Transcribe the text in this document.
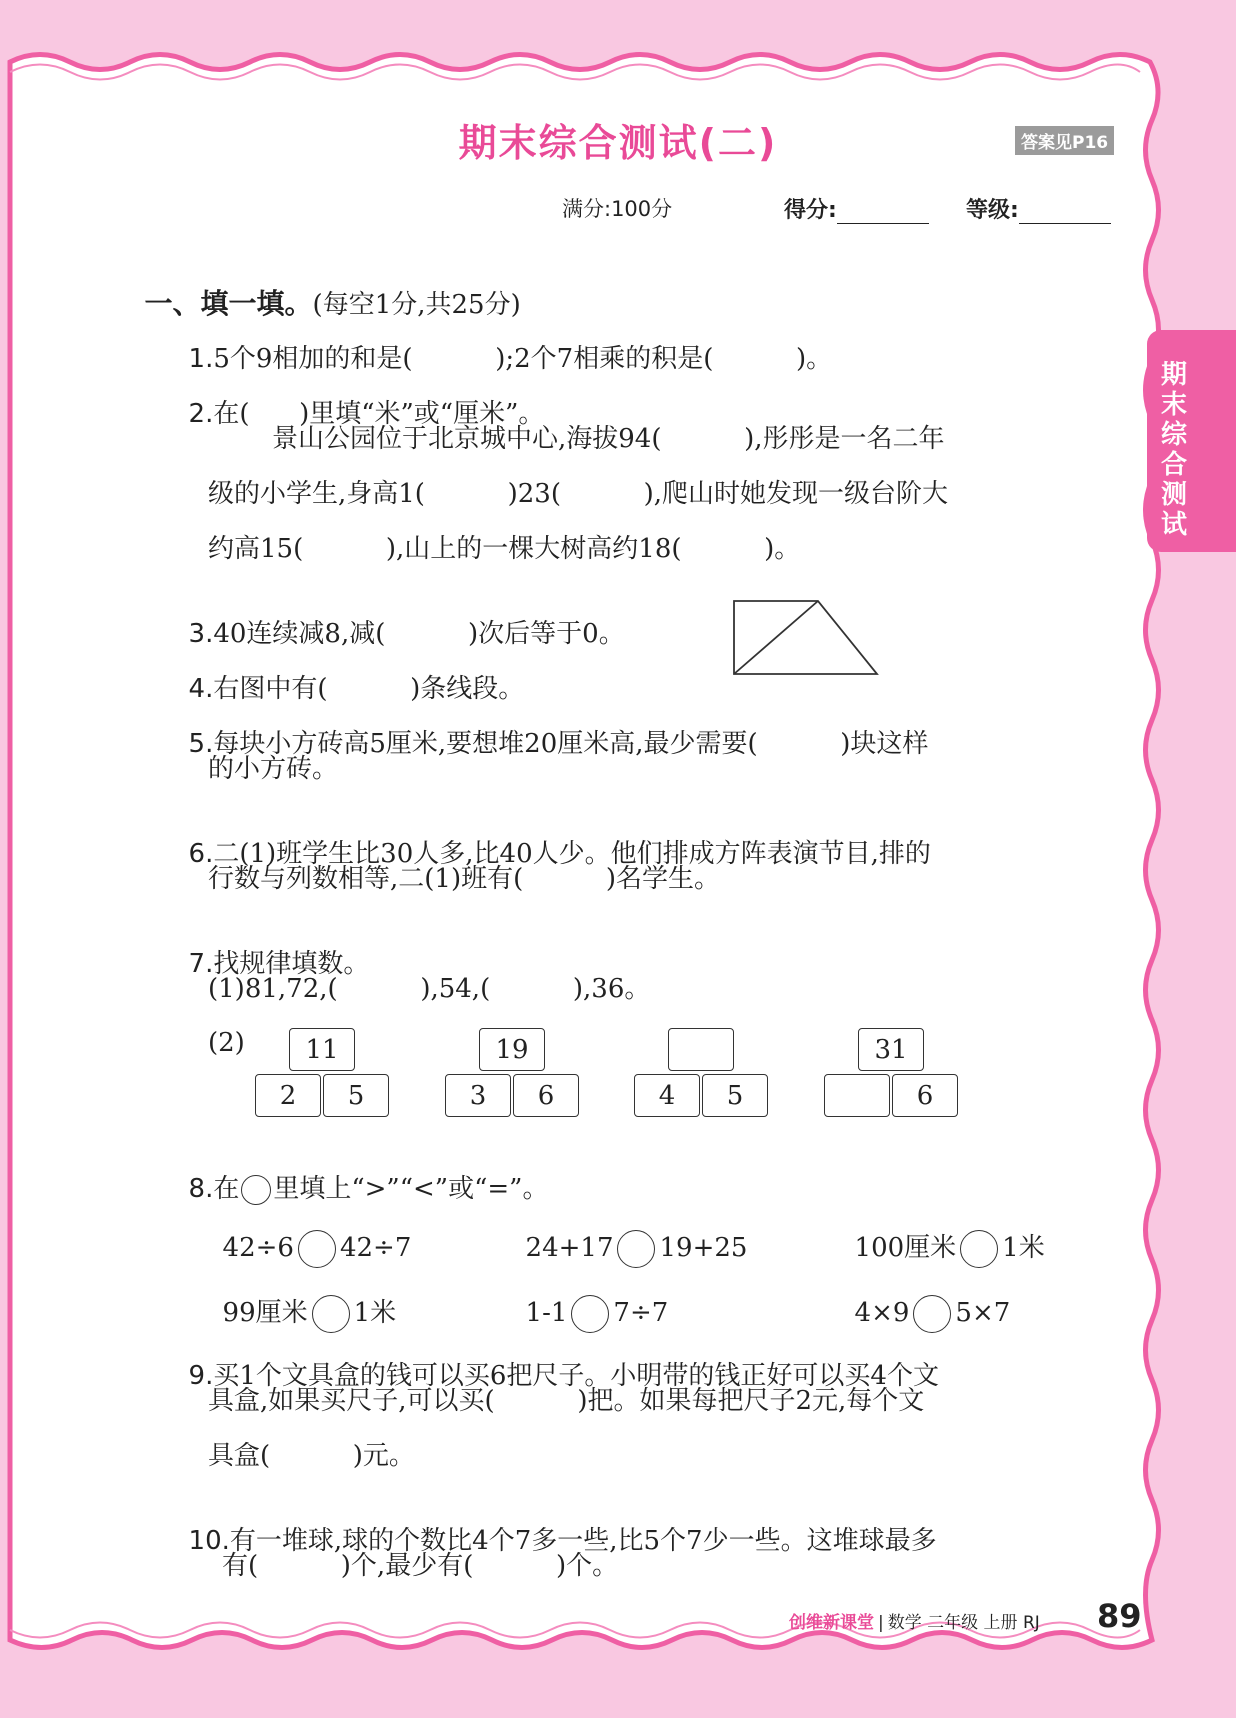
期末综合测试(二)	答案见P16
满分:100分	得分:	等级:
期末综合测试

一、填一填。(每空1分,共25分)

1.5个9相加的和是(          );2个7相乘的积是(          )。

2.在(      )里填“米”或“厘米”。

景山公园位于北京城中心,海拔94(          ),彤彤是一名二年
级的小学生,身高1(          )23(          ),爬山时她发现一级台阶大
约高15(          ),山上的一棵大树高约18(          )。

3.40连续减8,减(          )次后等于0。

4.右图中有(          )条线段。

5.每块小方砖高5厘米,要想堆20厘米高,最少需要(          )块这样

的小方砖。

6.二(1)班学生比30人多,比40人少。他们排成方阵表演节目,排的

行数与列数相等,二(1)班有(          )名学生。

7.找规律填数。

(1)81,72,(          ),54,(          ),36。
(2)	11
2	5
19
3	6	4	5
31
6

8.在 里填上“>”“<”或“=”。

42÷6 42÷7	24+17 19+25	100厘米 1米

99厘米 1米	1-1 7÷7	4×9 5×7

9.买1个文具盒的钱可以买6把尺子。小明带的钱正好可以买4个文

具盒,如果买尺子,可以买(          )把。如果每把尺子2元,每个文
具盒(          )元。

10.有一堆球,球的个数比4个7多一些,比5个7少一些。这堆球最多

有(          )个,最少有(          )个。
创维新课堂 | 数学 二年级 上册 RJ 89
